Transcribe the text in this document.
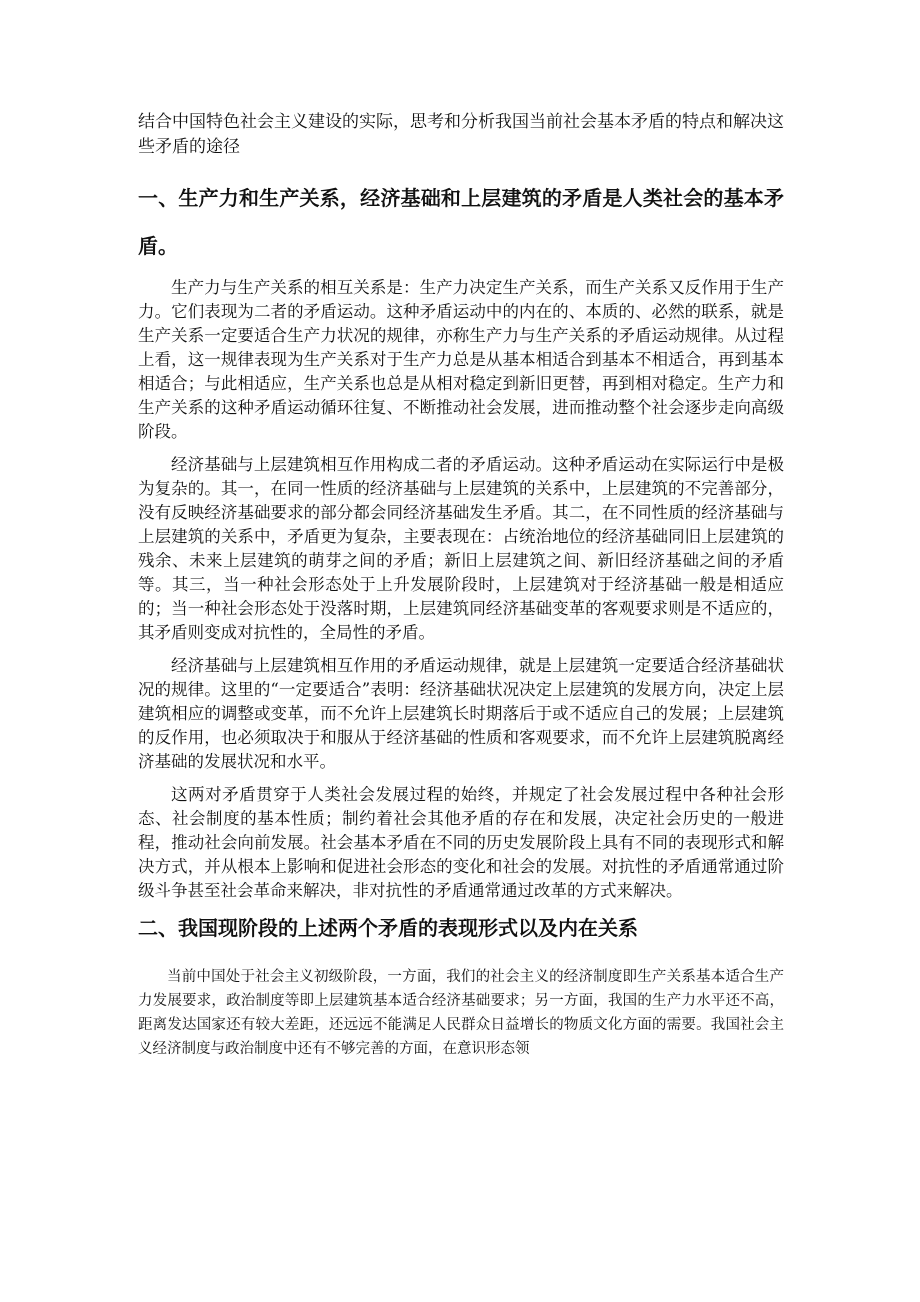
结合中国特色社会主义建设的实际，思考和分析我国当前社会基本矛盾的特点和解决这些矛盾的途径

一、生产力和生产关系，经济基础和上层建筑的矛盾是人类社会的基本矛盾。

生产力与生产关系的相互关系是：生产力决定生产关系，而生产关系又反作用于生产力。它们表现为二者的矛盾运动。这种矛盾运动中的内在的、本质的、必然的联系，就是生产关系一定要适合生产力状况的规律，亦称生产力与生产关系的矛盾运动规律。从过程上看，这一规律表现为生产关系对于生产力总是从基本相适合到基本不相适合，再到基本相适合；与此相适应，生产关系也总是从相对稳定到新旧更替，再到相对稳定。生产力和生产关系的这种矛盾运动循环往复、不断推动社会发展，进而推动整个社会逐步走向高级阶段。

经济基础与上层建筑相互作用构成二者的矛盾运动。这种矛盾运动在实际运行中是极为复杂的。其一，在同一性质的经济基础与上层建筑的关系中，上层建筑的不完善部分，没有反映经济基础要求的部分都会同经济基础发生矛盾。其二，在不同性质的经济基础与上层建筑的关系中，矛盾更为复杂，主要表现在：占统治地位的经济基础同旧上层建筑的残余、未来上层建筑的萌芽之间的矛盾；新旧上层建筑之间、新旧经济基础之间的矛盾等。其三，当一种社会形态处于上升发展阶段时，上层建筑对于经济基础一般是相适应的；当一种社会形态处于没落时期，上层建筑同经济基础变革的客观要求则是不适应的，其矛盾则变成对抗性的，全局性的矛盾。

经济基础与上层建筑相互作用的矛盾运动规律，就是上层建筑一定要适合经济基础状况的规律。这里的“一定要适合”表明：经济基础状况决定上层建筑的发展方向，决定上层建筑相应的调整或变革，而不允许上层建筑长时期落后于或不适应自己的发展；上层建筑的反作用，也必须取决于和服从于经济基础的性质和客观要求，而不允许上层建筑脱离经济基础的发展状况和水平。

这两对矛盾贯穿于人类社会发展过程的始终，并规定了社会发展过程中各种社会形态、社会制度的基本性质；制约着社会其他矛盾的存在和发展，决定社会历史的一般进程，推动社会向前发展。社会基本矛盾在不同的历史发展阶段上具有不同的表现形式和解决方式，并从根本上影响和促进社会形态的变化和社会的发展。对抗性的矛盾通常通过阶级斗争甚至社会革命来解决，非对抗性的矛盾通常通过改革的方式来解决。

二、我国现阶段的上述两个矛盾的表现形式以及内在关系

当前中国处于社会主义初级阶段，一方面，我们的社会主义的经济制度即生产关系基本适合生产力发展要求，政治制度等即上层建筑基本适合经济基础要求；另一方面，我国的生产力水平还不高，距离发达国家还有较大差距，还远远不能满足人民群众日益增长的物质文化方面的需要。我国社会主义经济制度与政治制度中还有不够完善的方面，在意识形态领
